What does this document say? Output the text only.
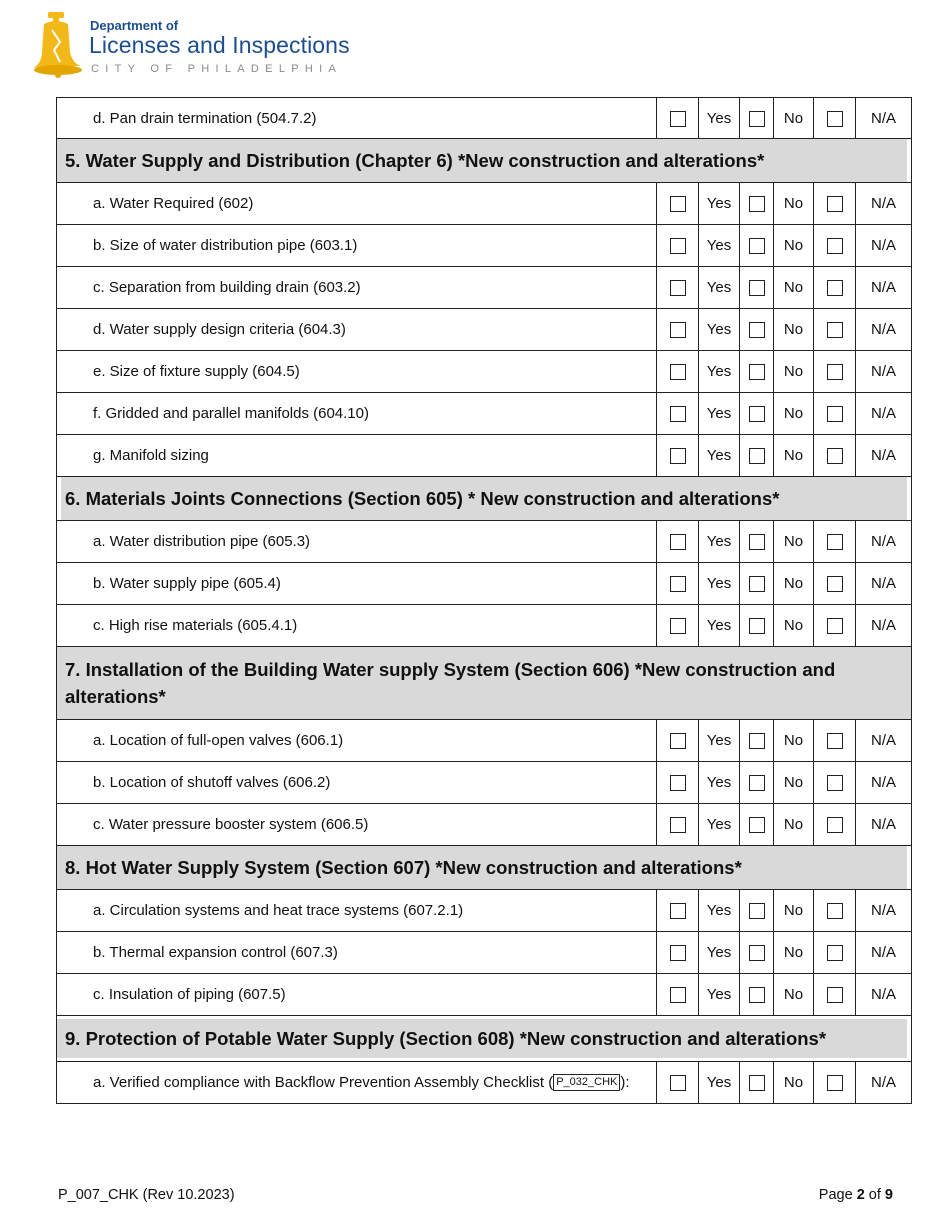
Department of
Licenses and Inspections
CITY OF PHILADELPHIA
d. Pan drain termination (504.7.2)		Yes		No		N/A

5. Water Supply and Distribution (Chapter 6) *New construction and alterations*						

a. Water Required (602)		Yes		No		N/A
b. Size of water distribution pipe (603.1)		Yes		No		N/A
c. Separation from building drain (603.2)		Yes		No		N/A
d. Water supply design criteria (604.3)		Yes		No		N/A
e. Size of fixture supply (604.5)		Yes		No		N/A
f. Gridded and parallel manifolds (604.10)		Yes		No		N/A
g. Manifold sizing		Yes		No		N/A

6. Materials Joints Connections (Section 605) * New construction and alterations*						

a. Water distribution pipe (605.3)		Yes		No		N/A
b. Water supply pipe (605.4)		Yes		No		N/A
c. High rise materials (605.4.1)		Yes		No		N/A

7. Installation of the Building Water supply System (Section 606) *New construction and alterations*						

a. Location of full-open valves (606.1)		Yes		No		N/A
b. Location of shutoff valves (606.2)		Yes		No		N/A
c. Water pressure booster system (606.5)		Yes		No		N/A

8. Hot Water Supply System (Section 607) *New construction and alterations*						

a. Circulation systems and heat trace systems (607.2.1)		Yes		No		N/A
b. Thermal expansion control (607.3)		Yes		No		N/A
c. Insulation of piping (607.5)		Yes		No		N/A

9. Protection of Potable Water Supply (Section 608) *New construction and alterations*						

a. Verified compliance with Backflow Prevention Assembly Checklist ( P_032_CHK ):		Yes		No		N/A
P_007_CHK (Rev 10.2023)	Page 2 of 9
